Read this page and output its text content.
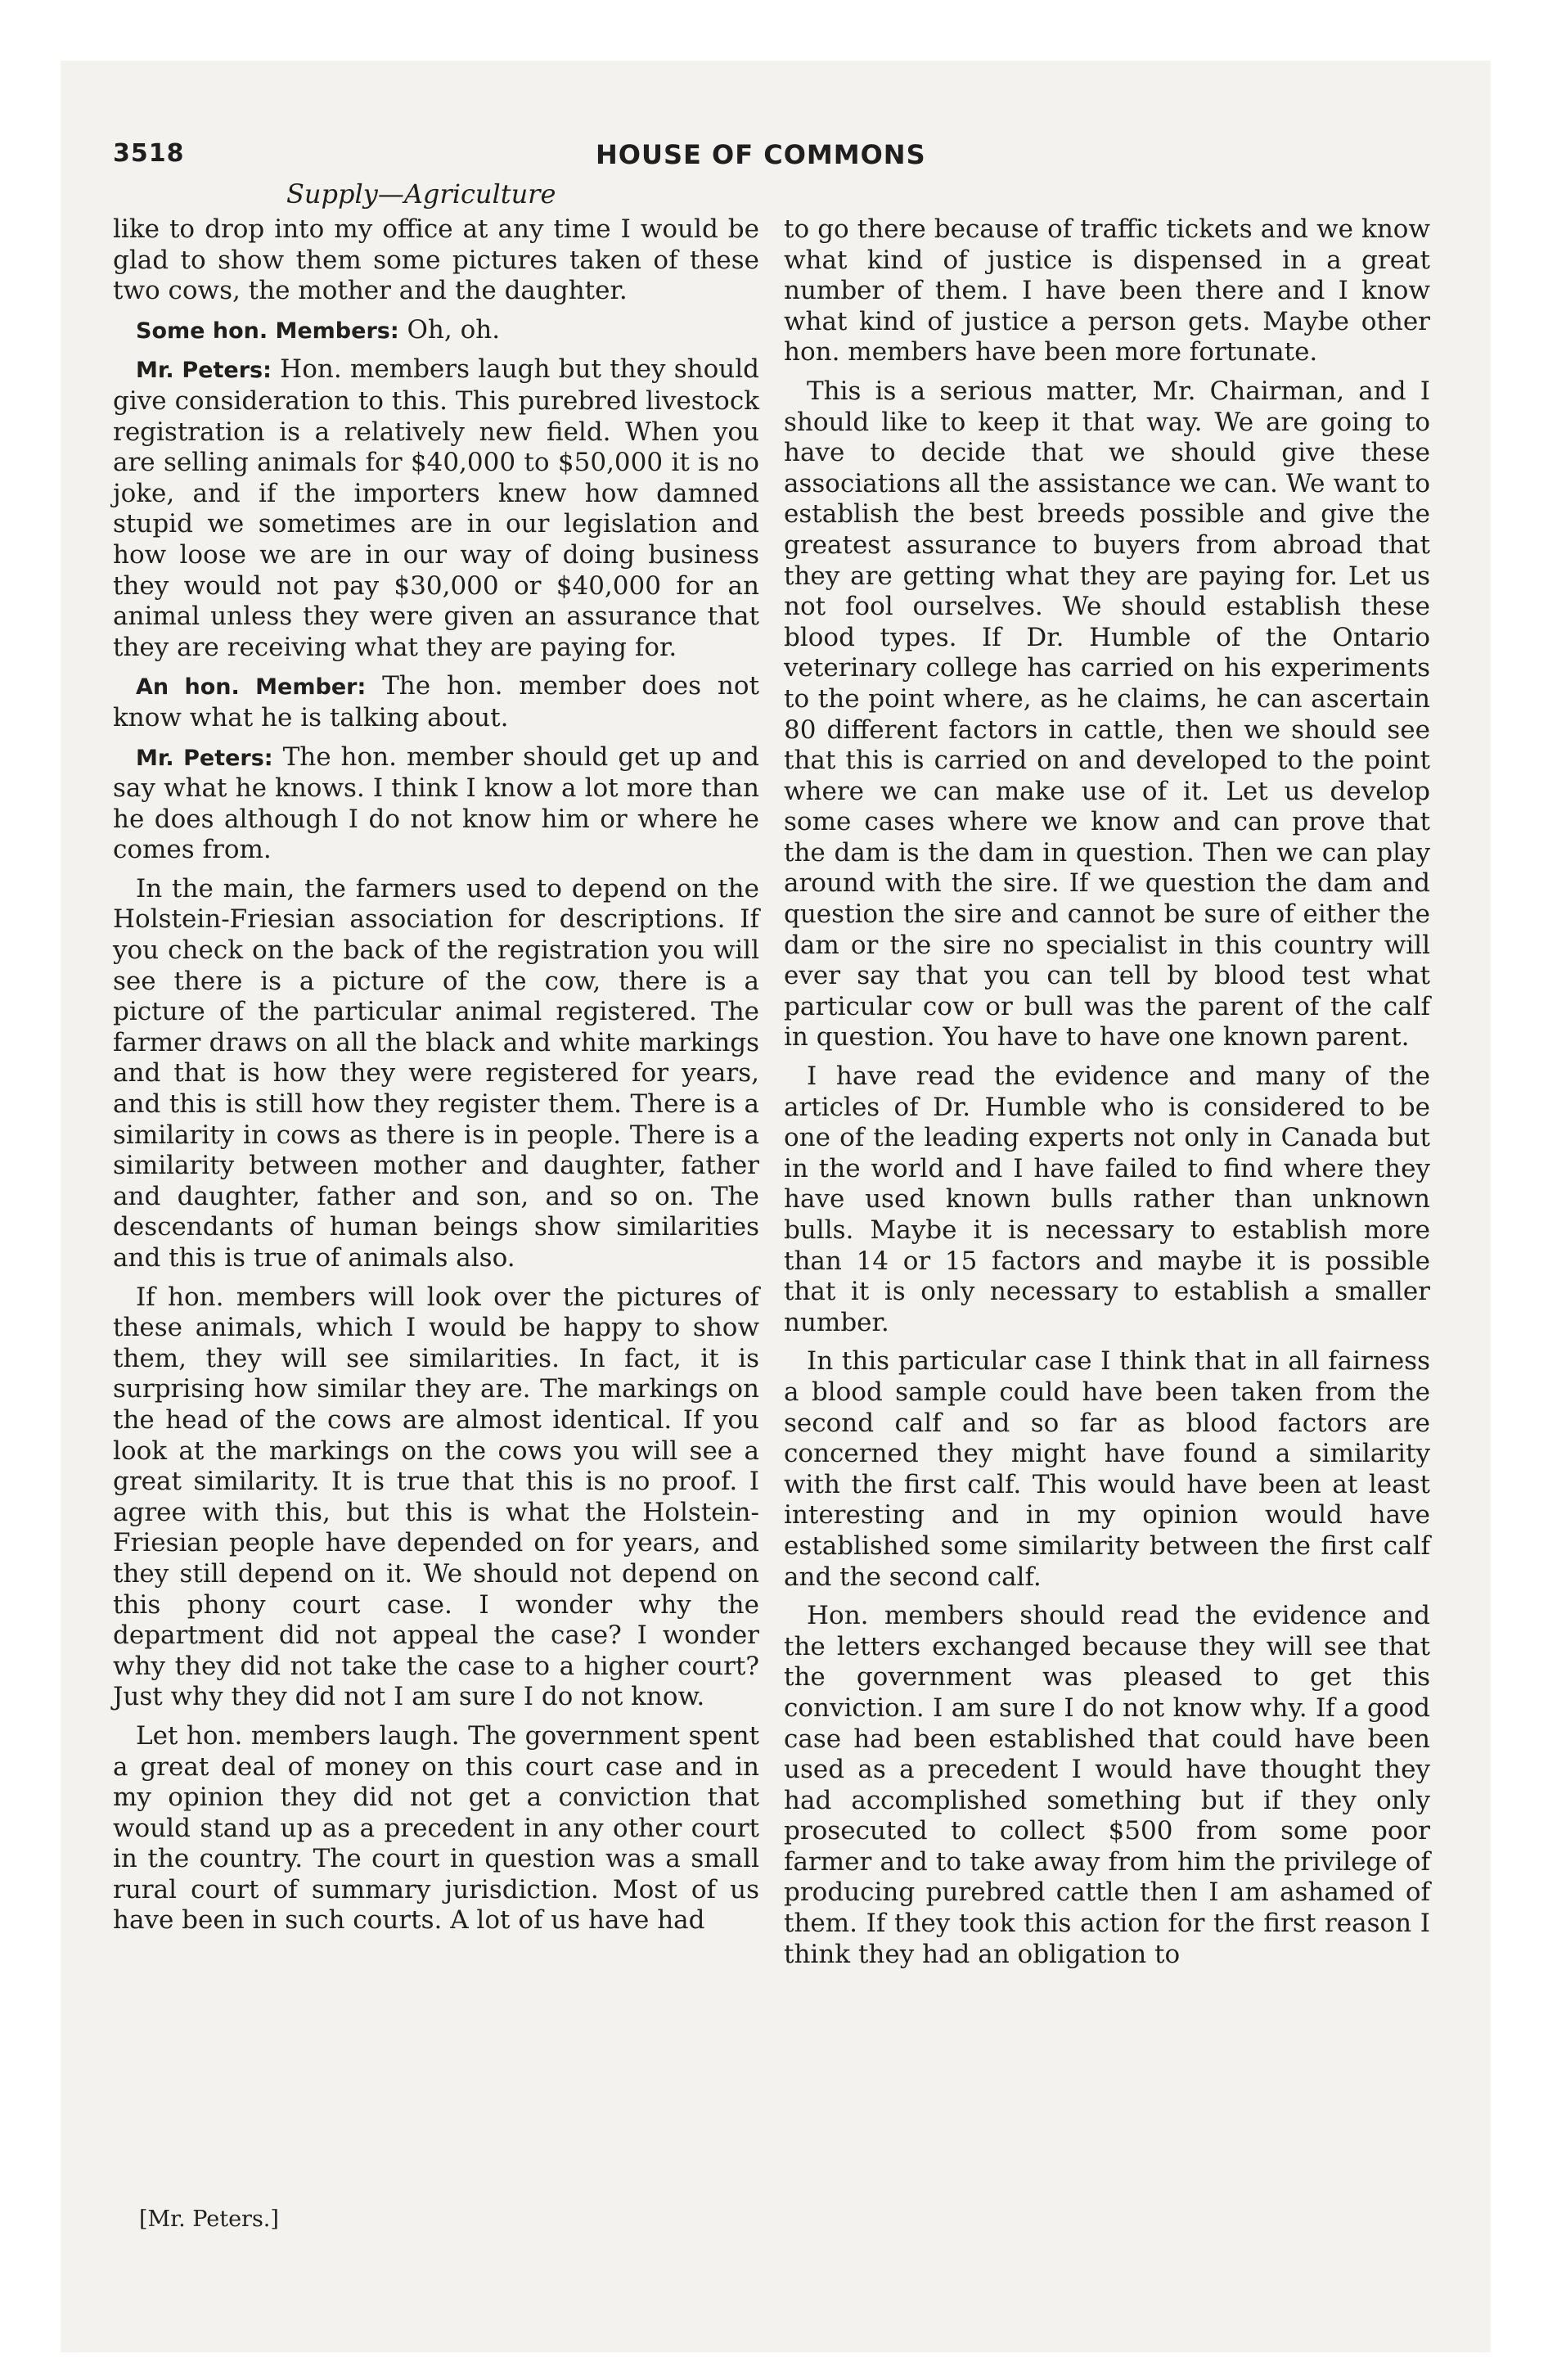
3518	HOUSE OF COMMONS
Supply—Agriculture

like to drop into my office at any time I would be glad to show them some pictures taken of these two cows, the mother and the daughter.

Some hon. Members: Oh, oh.

Mr. Peters: Hon. members laugh but they should give consideration to this. This purebred livestock registration is a relatively new field. When you are selling animals for $40,000 to $50,000 it is no joke, and if the importers knew how damned stupid we sometimes are in our legislation and how loose we are in our way of doing business they would not pay $30,000 or $40,000 for an animal unless they were given an assurance that they are receiving what they are paying for.

An hon. Member: The hon. member does not know what he is talking about.

Mr. Peters: The hon. member should get up and say what he knows. I think I know a lot more than he does although I do not know him or where he comes from.

In the main, the farmers used to depend on the Holstein-Friesian association for descriptions. If you check on the back of the registration you will see there is a picture of the cow, there is a picture of the particular animal registered. The farmer draws on all the black and white markings and that is how they were registered for years, and this is still how they register them. There is a similarity in cows as there is in people. There is a similarity between mother and daughter, father and daughter, father and son, and so on. The descendants of human beings show similarities and this is true of animals also.

If hon. members will look over the pictures of these animals, which I would be happy to show them, they will see similarities. In fact, it is surprising how similar they are. The markings on the head of the cows are almost identical. If you look at the markings on the cows you will see a great similarity. It is true that this is no proof. I agree with this, but this is what the Holstein-Friesian people have depended on for years, and they still depend on it. We should not depend on this phony court case. I wonder why the department did not appeal the case? I wonder why they did not take the case to a higher court? Just why they did not I am sure I do not know.

Let hon. members laugh. The government spent a great deal of money on this court case and in my opinion they did not get a conviction that would stand up as a precedent in any other court in the country. The court in question was a small rural court of summary jurisdiction. Most of us have been in such courts. A lot of us have had

to go there because of traffic tickets and we know what kind of justice is dispensed in a great number of them. I have been there and I know what kind of justice a person gets. Maybe other hon. members have been more fortunate.

This is a serious matter, Mr. Chairman, and I should like to keep it that way. We are going to have to decide that we should give these associations all the assistance we can. We want to establish the best breeds possible and give the greatest assurance to buyers from abroad that they are getting what they are paying for. Let us not fool ourselves. We should establish these blood types. If Dr. Humble of the Ontario veterinary college has carried on his experiments to the point where, as he claims, he can ascertain 80 different factors in cattle, then we should see that this is carried on and developed to the point where we can make use of it. Let us develop some cases where we know and can prove that the dam is the dam in question. Then we can play around with the sire. If we question the dam and question the sire and cannot be sure of either the dam or the sire no specialist in this country will ever say that you can tell by blood test what particular cow or bull was the parent of the calf in question. You have to have one known parent.

I have read the evidence and many of the articles of Dr. Humble who is considered to be one of the leading experts not only in Canada but in the world and I have failed to find where they have used known bulls rather than unknown bulls. Maybe it is necessary to establish more than 14 or 15 factors and maybe it is possible that it is only necessary to establish a smaller number.

In this particular case I think that in all fairness a blood sample could have been taken from the second calf and so far as blood factors are concerned they might have found a similarity with the first calf. This would have been at least interesting and in my opinion would have established some similarity between the first calf and the second calf.

Hon. members should read the evidence and the letters exchanged because they will see that the government was pleased to get this conviction. I am sure I do not know why. If a good case had been established that could have been used as a precedent I would have thought they had accomplished something but if they only prosecuted to collect $500 from some poor farmer and to take away from him the privilege of producing purebred cattle then I am ashamed of them. If they took this action for the first reason I think they had an obligation to

[Mr. Peters.]
